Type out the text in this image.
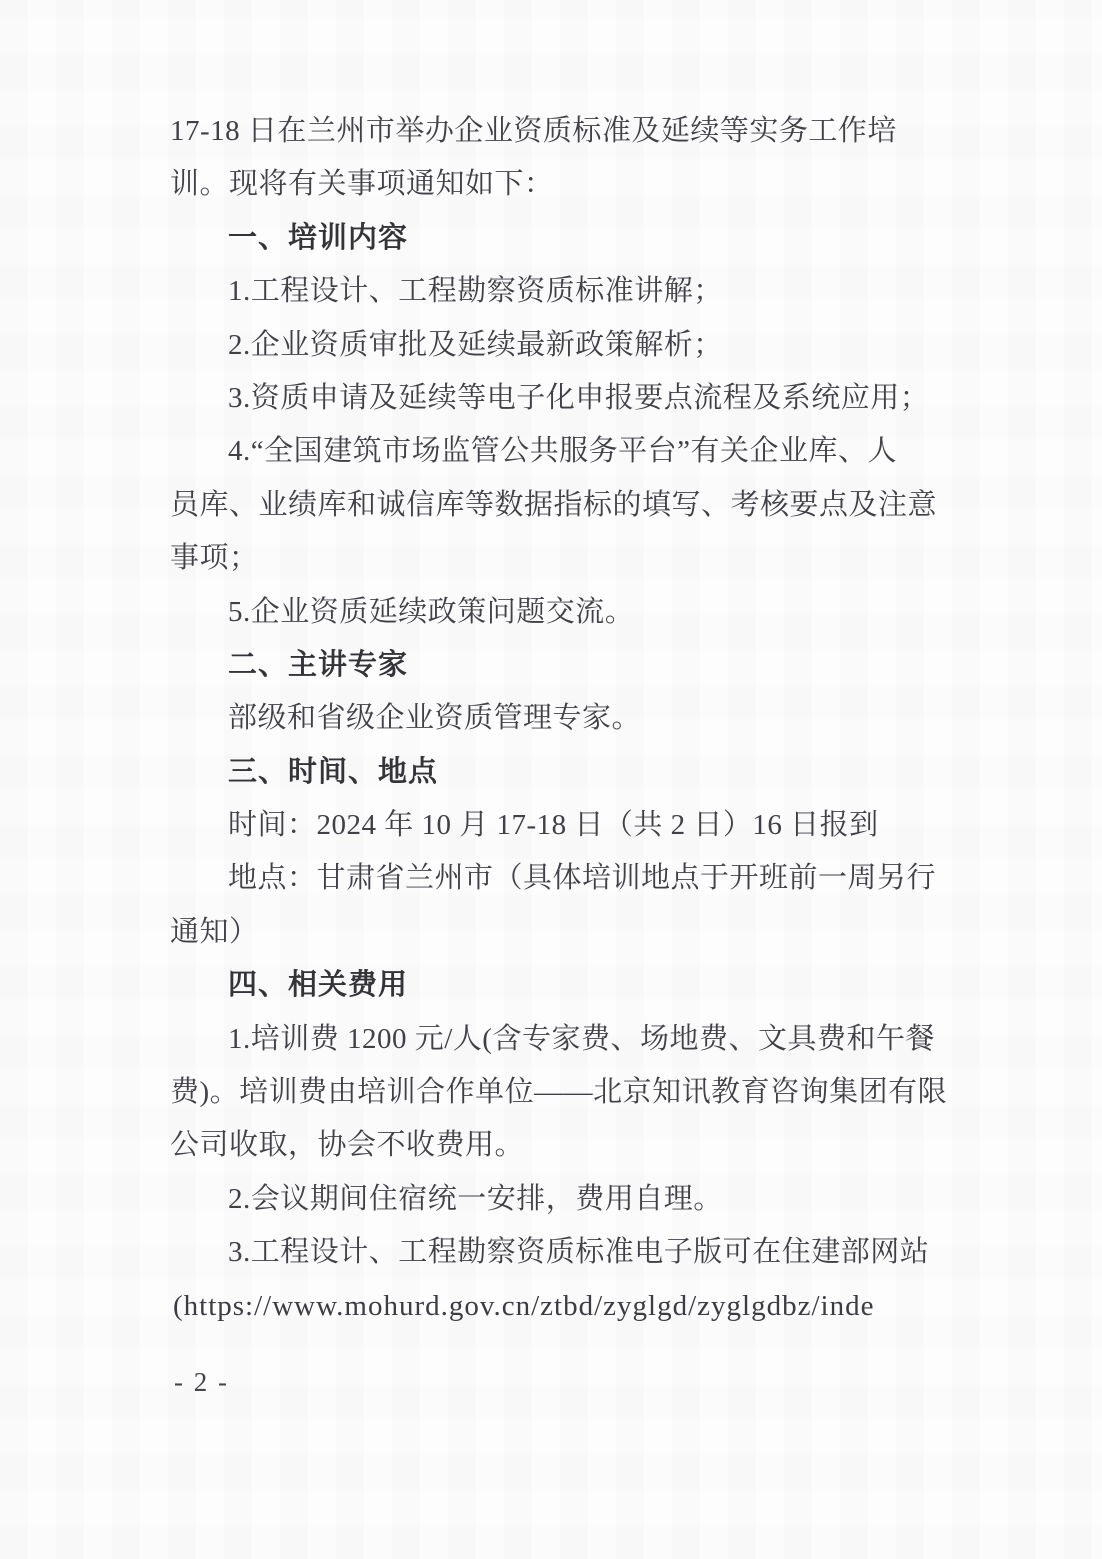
17-18 日在兰州市举办企业资质标准及延续等实务工作培
训。现将有关事项通知如下：
一、培训内容
1.工程设计、工程勘察资质标准讲解；
2.企业资质审批及延续最新政策解析；
3.资质申请及延续等电子化申报要点流程及系统应用；
4.“全国建筑市场监管公共服务平台”有关企业库、人
员库、业绩库和诚信库等数据指标的填写、考核要点及注意
事项；
5.企业资质延续政策问题交流。
二、主讲专家
部级和省级企业资质管理专家。
三、时间、地点
时间：2024 年 10 月 17-18 日（共 2 日）16 日报到
地点：甘肃省兰州市（具体培训地点于开班前一周另行
通知）
四、相关费用
1.培训费 1200 元/人(含专家费、场地费、文具费和午餐
费)。培训费由培训合作单位——北京知讯教育咨询集团有限
公司收取，协会不收费用。
2.会议期间住宿统一安排，费用自理。
3.工程设计、工程勘察资质标准电子版可在住建部网站
(https://www.mohurd.gov.cn/ztbd/zyglgd/zyglgdbz/inde
- 2 -
